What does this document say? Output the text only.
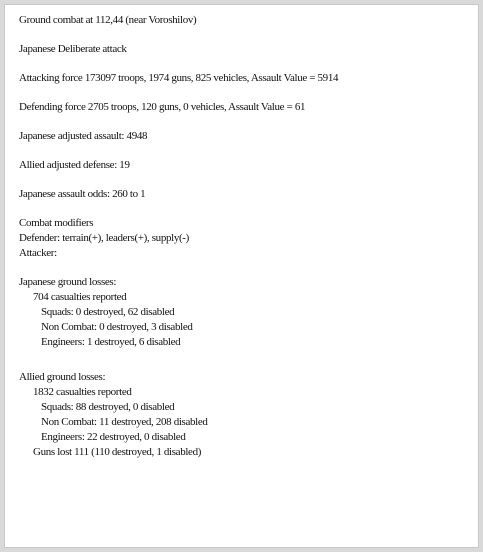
Ground combat at 112,44 (near Voroshilov)
Japanese Deliberate attack
Attacking force 173097 troops, 1974 guns, 825 vehicles, Assault Value = 5914
Defending force 2705 troops, 120 guns, 0 vehicles, Assault Value = 61
Japanese adjusted assault: 4948
Allied adjusted defense: 19
Japanese assault odds: 260 to 1
Combat modifiers
Defender: terrain(+), leaders(+), supply(-)
Attacker:
Japanese ground losses:
704 casualties reported
Squads: 0 destroyed, 62 disabled
Non Combat: 0 destroyed, 3 disabled
Engineers: 1 destroyed, 6 disabled
Allied ground losses:
1832 casualties reported
Squads: 88 destroyed, 0 disabled
Non Combat: 11 destroyed, 208 disabled
Engineers: 22 destroyed, 0 disabled
Guns lost 111 (110 destroyed, 1 disabled)
